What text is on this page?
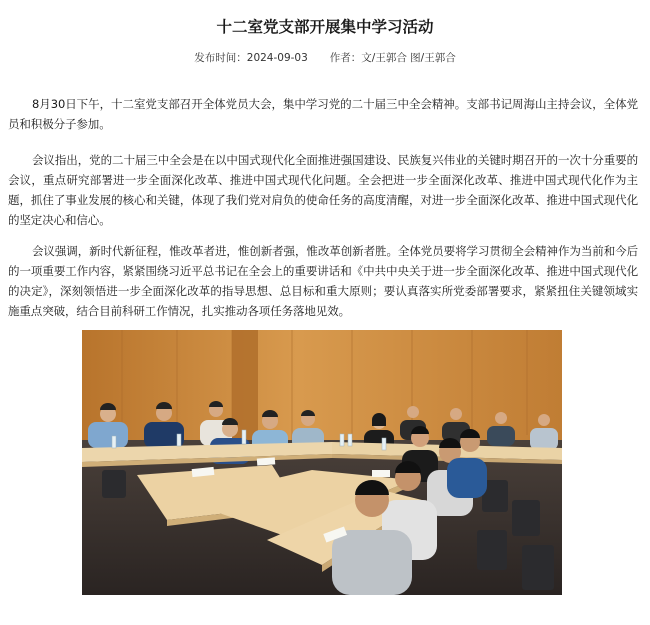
十二室党支部开展集中学习活动
发布时间：2024-09-03 作者：文/王郭合 图/王郭合

8月30日下午，十二室党支部召开全体党员大会，集中学习党的二十届三中全会精神。支部书记周海山主持会议，全体党员和积极分子参加。

会议指出，党的二十届三中全会是在以中国式现代化全面推进强国建设、民族复兴伟业的关键时期召开的一次十分重要的会议，重点研究部署进一步全面深化改革、推进中国式现代化问题。全会把进一步全面深化改革、推进中国式现代化作为主题，抓住了事业发展的核心和关键，体现了我们党对肩负的使命任务的高度清醒，对进一步全面深化改革、推进中国式现代化的坚定决心和信心。

会议强调，新时代新征程，惟改革者进，惟创新者强，惟改革创新者胜。全体党员要将学习贯彻全会精神作为当前和今后的一项重要工作内容，紧紧围绕习近平总书记在全会上的重要讲话和《中共中央关于进一步全面深化改革、推进中国式现代化的决定》，深刻领悟进一步全面深化改革的指导思想、总目标和重大原则；要认真落实所党委部署要求，紧紧扭住关键领域实施重点突破，结合目前科研工作情况，扎实推动各项任务落地见效。
